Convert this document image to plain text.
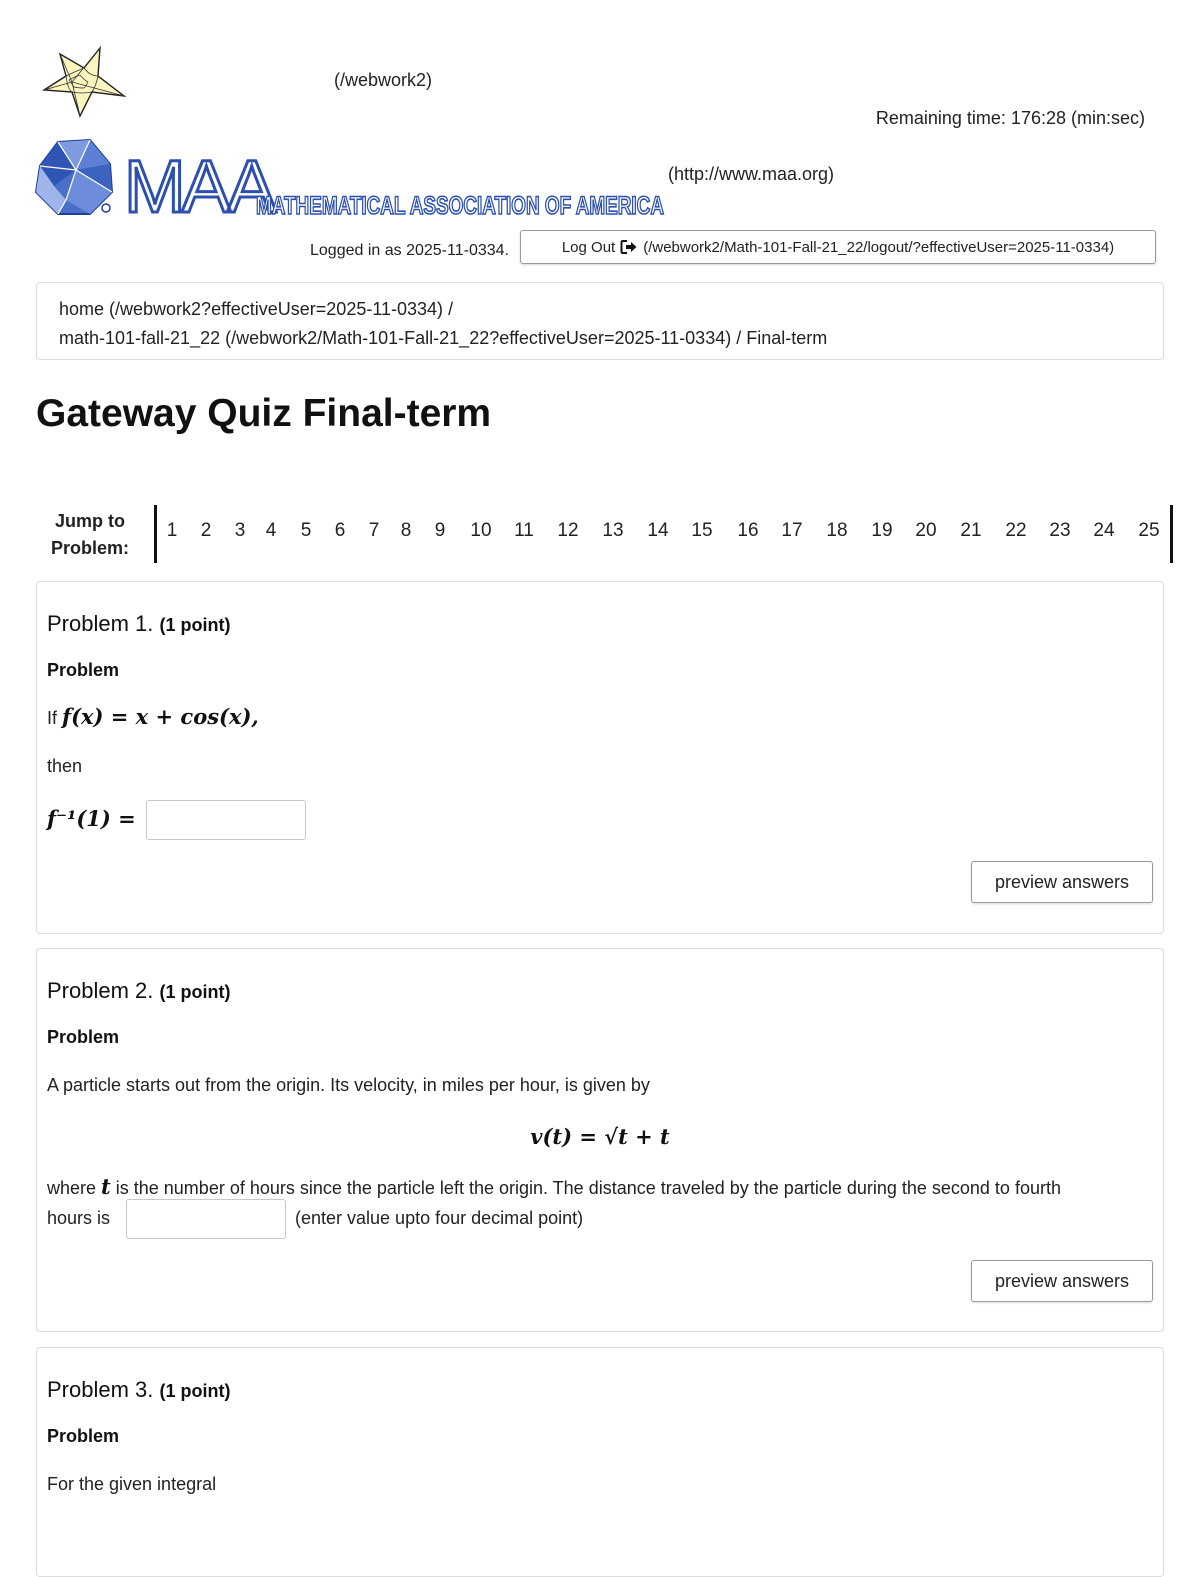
(/webwork2)
Remaining time: 176:28 (min:sec)
MAA
MATHEMATICAL ASSOCIATION OF AMERICA
(http://www.maa.org)
Logged in as 2025-11-0334.	Log Out (/webwork2/Math-101-Fall-21_22/logout/?effectiveUser=2025-11-0334)
home (/webwork2?effectiveUser=2025-11-0334) /
math-101-fall-21_22 (/webwork2/Math-101-Fall-21_22?effectiveUser=2025-11-0334) / Final-term
Gateway Quiz Final-term
Jump to
Problem:
1 2 3 4 5 6 7 8 9 10 11 12 13 14 15 16 17 18 19 20 21 22 23 24 25
Problem 1. (1 point)
Problem
If f(x) = x + cos(x),
then
f⁻¹(1) =
preview answers
Problem 2. (1 point)
Problem
A particle starts out from the origin. Its velocity, in miles per hour, is given by
v(t) = √t + t
where t is the number of hours since the particle left the origin. The distance traveled by the particle during the second to fourth
hours is	(enter value upto four decimal point)
preview answers
Problem 3. (1 point)
Problem
For the given integral
